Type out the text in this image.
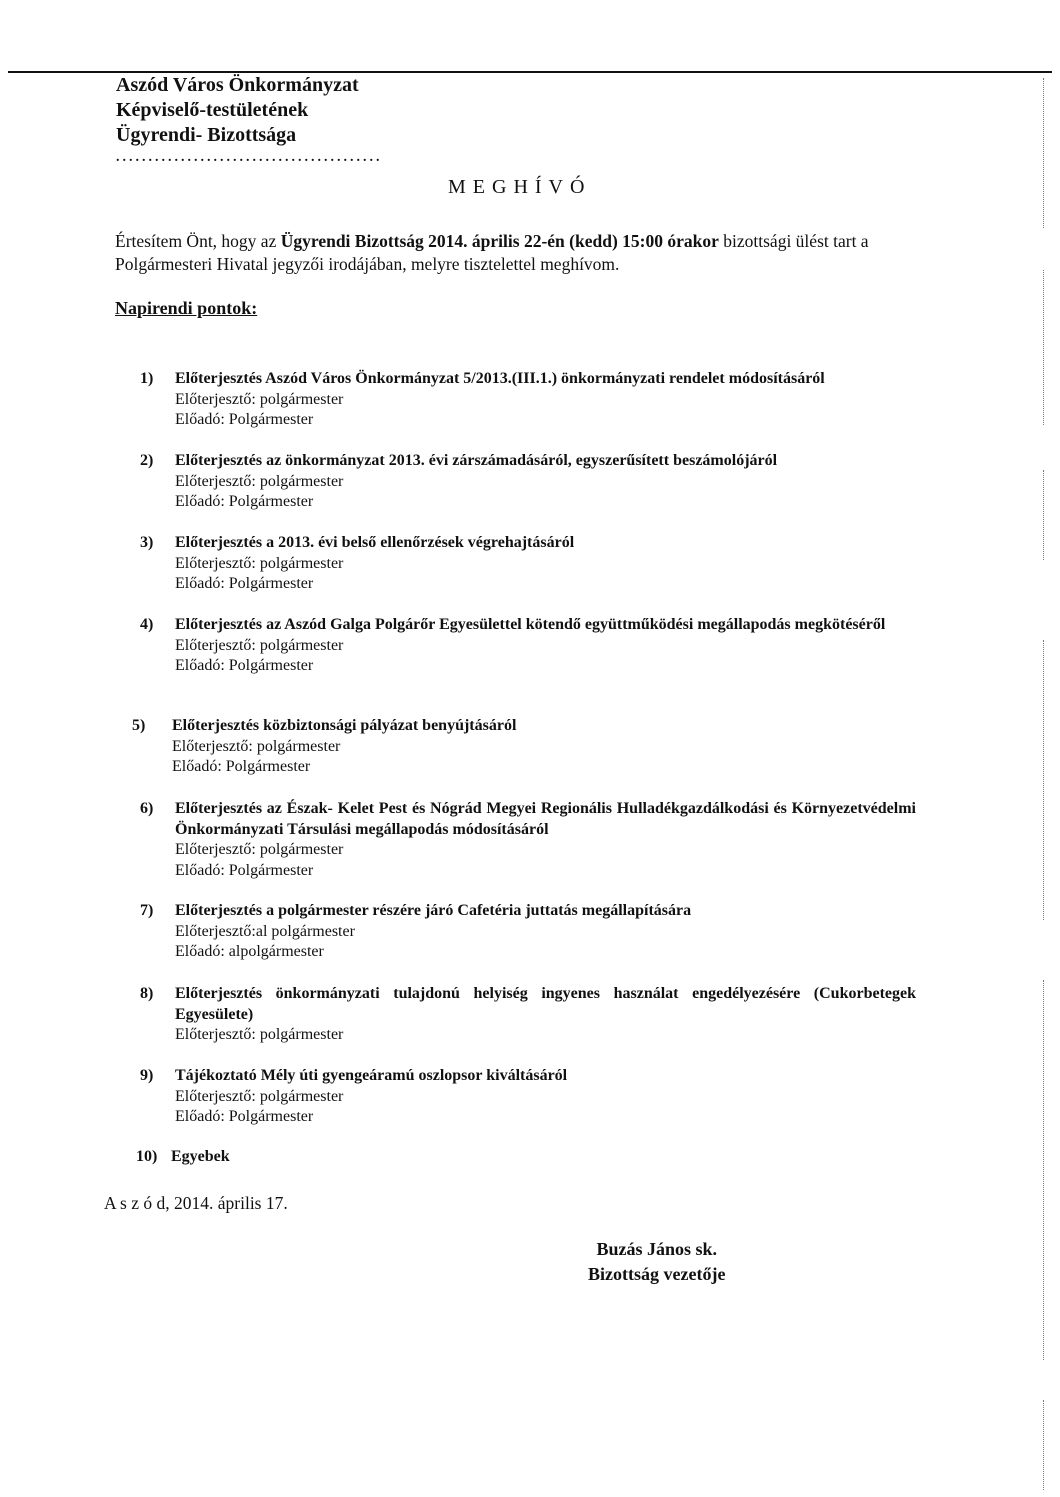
Aszód Város Önkormányzat
Képviselő-testületének
Ügyrendi- Bizottsága
.........................................
MEGHÍVÓ
Értesítem Önt, hogy az Ügyrendi Bizottság 2014. április 22-én (kedd) 15:00 órakor bizottsági ülést tart a Polgármesteri Hivatal jegyzői irodájában, melyre tisztelettel meghívom.
Napirendi pontok:
1)	Előterjesztés Aszód Város Önkormányzat 5/2013.(III.1.) önkormányzati rendelet módosításáról
Előterjesztő: polgármester
Előadó: Polgármester
2)	Előterjesztés az önkormányzat 2013. évi zárszámadásáról, egyszerűsített beszámolójáról
Előterjesztő: polgármester
Előadó: Polgármester
3)	Előterjesztés a 2013. évi belső ellenőrzések végrehajtásáról
Előterjesztő: polgármester
Előadó: Polgármester
4)	Előterjesztés az Aszód Galga Polgárőr Egyesülettel kötendő együttműködési megállapodás megkötéséről
Előterjesztő: polgármester
Előadó: Polgármester
5)	Előterjesztés közbiztonsági pályázat benyújtásáról
Előterjesztő: polgármester
Előadó: Polgármester
6)	Előterjesztés az Észak- Kelet Pest és Nógrád Megyei Regionális Hulladékgazdálkodási és Környezetvédelmi Önkormányzati Társulási megállapodás módosításáról
Előterjesztő: polgármester
Előadó: Polgármester
7)	Előterjesztés a polgármester részére járó Cafetéria juttatás megállapítására
Előterjesztő:al polgármester
Előadó: alpolgármester
8)	Előterjesztés önkormányzati tulajdonú helyiség ingyenes használat engedélyezésére (Cukorbetegek Egyesülete)
Előterjesztő: polgármester
9)	Tájékoztató Mély úti gyengeáramú oszlopsor kiváltásáról
Előterjesztő: polgármester
Előadó: Polgármester
10) Egyebek
A s z ó d, 2014. április 17.
Buzás János sk.
Bizottság vezetője
